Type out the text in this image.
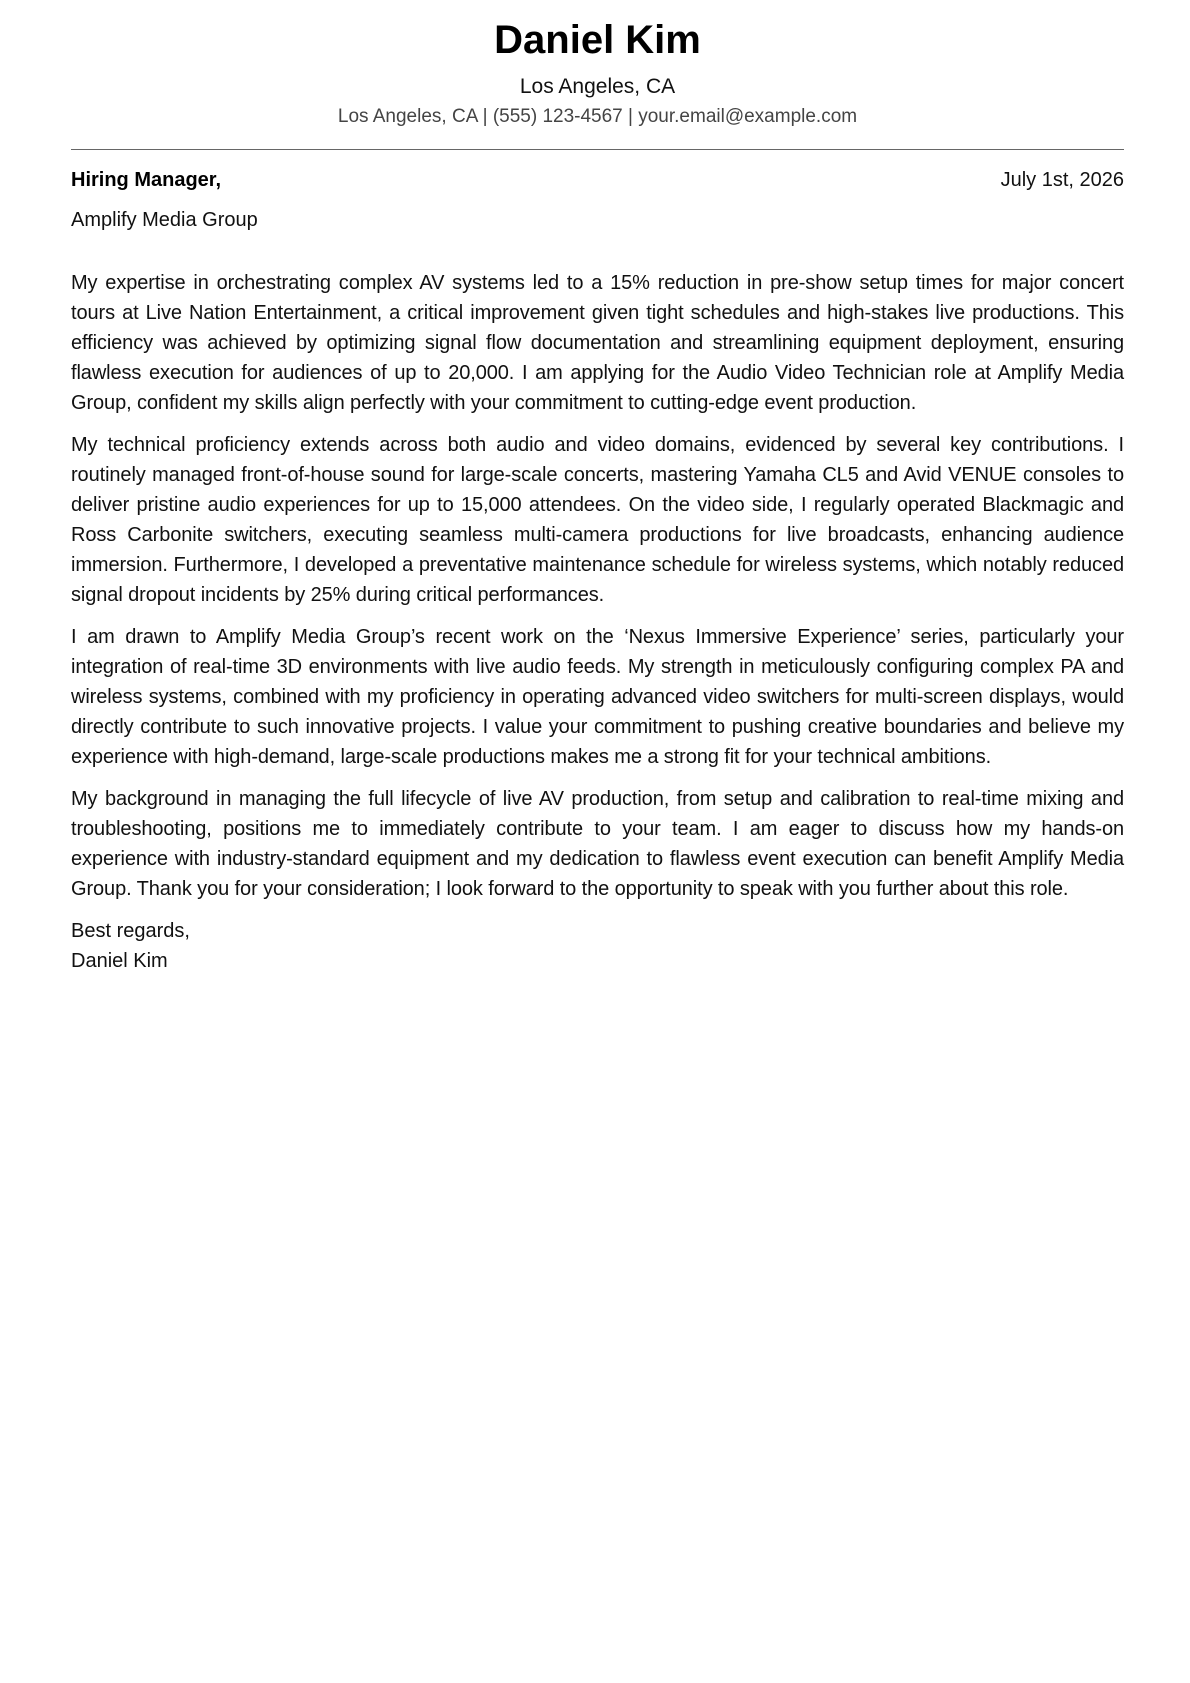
Daniel Kim
Los Angeles, CA
Los Angeles, CA | (555) 123-4567 | your.email@example.com
Hiring Manager,	July 1st, 2026
Amplify Media Group

My expertise in orchestrating complex AV systems led to a 15% reduction in pre-show setup times for major concert tours at Live Nation Entertainment, a critical improvement given tight schedules and high-stakes live productions. This efficiency was achieved by optimizing signal flow documentation and streamlining equipment deployment, ensuring flawless execution for audiences of up to 20,000. I am applying for the Audio Video Technician role at Amplify Media Group, confident my skills align perfectly with your commitment to cutting-edge event production.

My technical proficiency extends across both audio and video domains, evidenced by several key contributions. I routinely managed front-of-house sound for large-scale concerts, mastering Yamaha CL5 and Avid VENUE consoles to deliver pristine audio experiences for up to 15,000 attendees. On the video side, I regularly operated Blackmagic and Ross Carbonite switchers, executing seamless multi-camera productions for live broadcasts, enhancing audience immersion. Furthermore, I developed a preventative maintenance schedule for wireless systems, which notably reduced signal dropout incidents by 25% during critical performances.

I am drawn to Amplify Media Group’s recent work on the ‘Nexus Immersive Experience’ series, particularly your integration of real-time 3D environments with live audio feeds. My strength in meticulously configuring complex PA and wireless systems, combined with my proficiency in operating advanced video switchers for multi-screen displays, would directly contribute to such innovative projects. I value your commitment to pushing creative boundaries and believe my experience with high-demand, large-scale productions makes me a strong fit for your technical ambitions.

My background in managing the full lifecycle of live AV production, from setup and calibration to real-time mixing and troubleshooting, positions me to immediately contribute to your team. I am eager to discuss how my hands-on experience with industry-standard equipment and my dedication to flawless event execution can benefit Amplify Media Group. Thank you for your consideration; I look forward to the opportunity to speak with you further about this role.

Best regards,
Daniel Kim
